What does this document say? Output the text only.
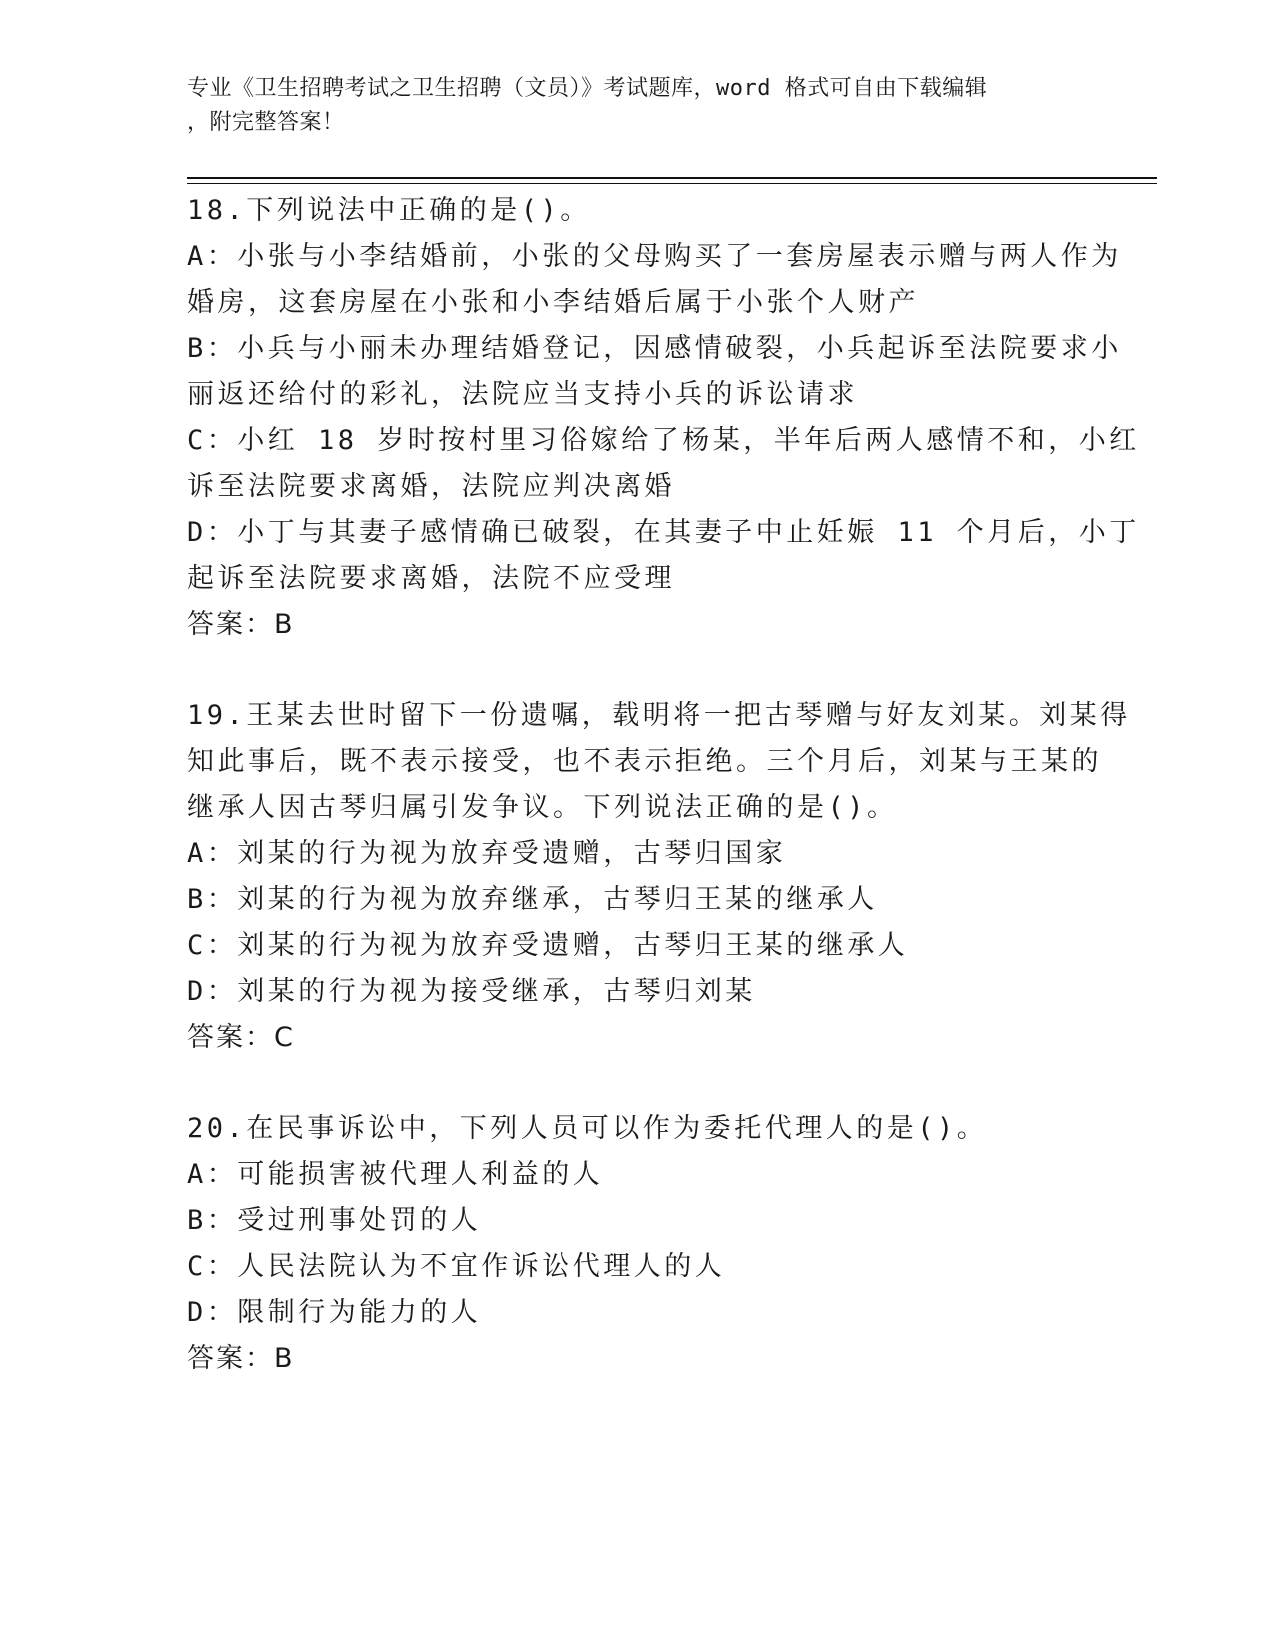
专业《卫生招聘考试之卫生招聘（文员）》考试题库，word 格式可自由下载编辑
，附完整答案！
18.下列说法中正确的是()。
A：小张与小李结婚前，小张的父母购买了一套房屋表示赠与两人作为
婚房，这套房屋在小张和小李结婚后属于小张个人财产
B：小兵与小丽未办理结婚登记，因感情破裂，小兵起诉至法院要求小
丽返还给付的彩礼，法院应当支持小兵的诉讼请求
C：小红 18 岁时按村里习俗嫁给了杨某，半年后两人感情不和，小红
诉至法院要求离婚，法院应判决离婚
D：小丁与其妻子感情确已破裂，在其妻子中止妊娠 11 个月后，小丁
起诉至法院要求离婚，法院不应受理
答案：B
19.王某去世时留下一份遗嘱，载明将一把古琴赠与好友刘某。刘某得
知此事后，既不表示接受，也不表示拒绝。三个月后，刘某与王某的
继承人因古琴归属引发争议。下列说法正确的是()。
A：刘某的行为视为放弃受遗赠，古琴归国家
B：刘某的行为视为放弃继承，古琴归王某的继承人
C：刘某的行为视为放弃受遗赠，古琴归王某的继承人
D：刘某的行为视为接受继承，古琴归刘某
答案：C
20.在民事诉讼中，下列人员可以作为委托代理人的是()。
A：可能损害被代理人利益的人
B：受过刑事处罚的人
C：人民法院认为不宜作诉讼代理人的人
D：限制行为能力的人
答案：B
